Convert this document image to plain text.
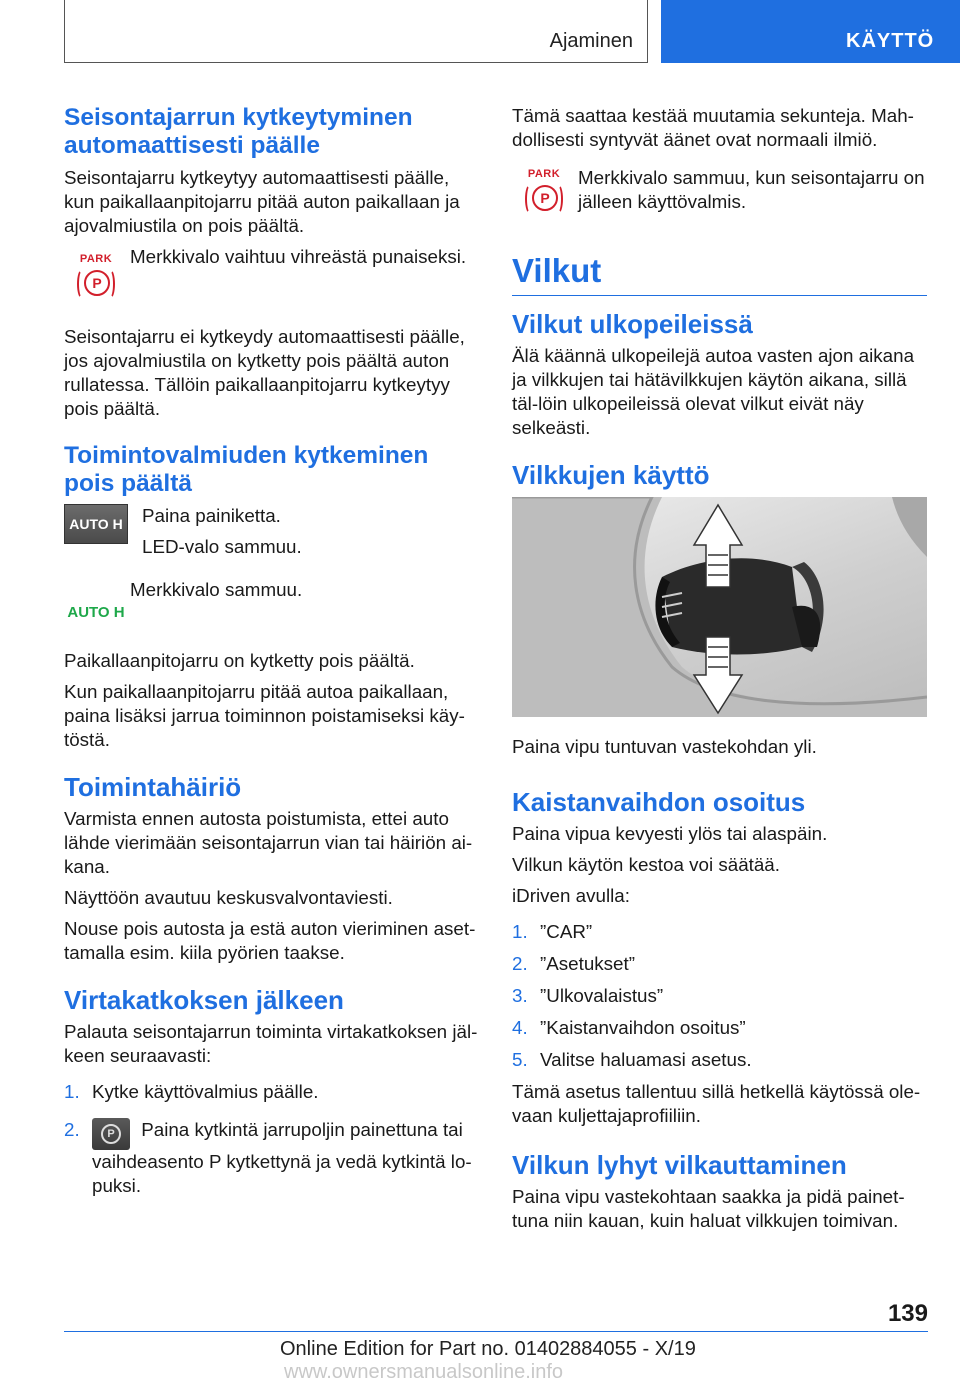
Ajaminen	KÄYTTÖ
Seisontajarrun kytkeytyminen automaattisesti päälle

Seisontajarru kytkeytyy automaattisesti päälle, kun paikallaanpitojarru pitää auton paikallaan ja ajovalmiustila on pois päältä.

PARK
P

Merkkivalo vaihtuu vihreästä punaiseksi.

Seisontajarru ei kytkeydy automaattisesti päälle, jos ajovalmiustila on kytketty pois päältä auton rullatessa. Tällöin paikallaanpitojarru kytkeytyy pois päältä.

Toimintovalmiuden kytkeminen pois päältä
AUTO H Paina painiketta.

LED-valo sammuu.

AUTO H

Merkkivalo sammuu.

Paikallaanpitojarru on kytketty pois päältä.

Kun paikallaanpitojarru pitää autoa paikallaan, paina lisäksi jarrua toiminnon poistamiseksi käy-töstä.

Toimintahäiriö

Varmista ennen autosta poistumista, ettei auto lähde vierimään seisontajarrun vian tai häiriön ai-kana.

Näyttöön avautuu keskusvalvontaviesti.

Nouse pois autosta ja estä auton vieriminen aset-tamalla esim. kiila pyörien taakse.

Virtakatkoksen jälkeen

Palauta seisontajarrun toiminta virtakatkoksen jäl-keen seuraavasti:

1. Kytke käyttövalmius päälle.
2.	P	Paina kytkintä jarrupoljin painettuna tai vaihdeasento P kytkettynä ja vedä kytkintä lo-puksi.

Tämä saattaa kestää muutamia sekunteja. Mah-dollisesti syntyvät äänet ovat normaali ilmiö.

PARK
P

Merkkivalo sammuu, kun seisontajarru on jälleen käyttövalmis.

Vilkut
Vilkut ulkopeileissä

Älä käännä ulkopeilejä autoa vasten ajon aikana ja vilkkujen tai hätävilkkujen käytön aikana, sillä täl-löin ulkopeileissä olevat vilkut eivät näy selkeästi.

Vilkkujen käyttö

Paina vipu tuntuvan vastekohdan yli.

Kaistanvaihdon osoitus

Paina vipua kevyesti ylös tai alaspäin.

Vilkun käytön kestoa voi säätää.

iDriven avulla:

1. ”CAR”
2. ”Asetukset”
3. ”Ulkovalaistus”
4. ”Kaistanvaihdon osoitus”
5. Valitse haluamasi asetus.

Tämä asetus tallentuu sillä hetkellä käytössä ole-vaan kuljettajaprofiiliin.

Vilkun lyhyt vilkauttaminen

Paina vipu vastekohtaan saakka ja pidä painet-tuna niin kauan, kuin haluat vilkkujen toimivan.

139
Online Edition for Part no. 01402884055 - X/19 www.ownersmanualsonline.info
